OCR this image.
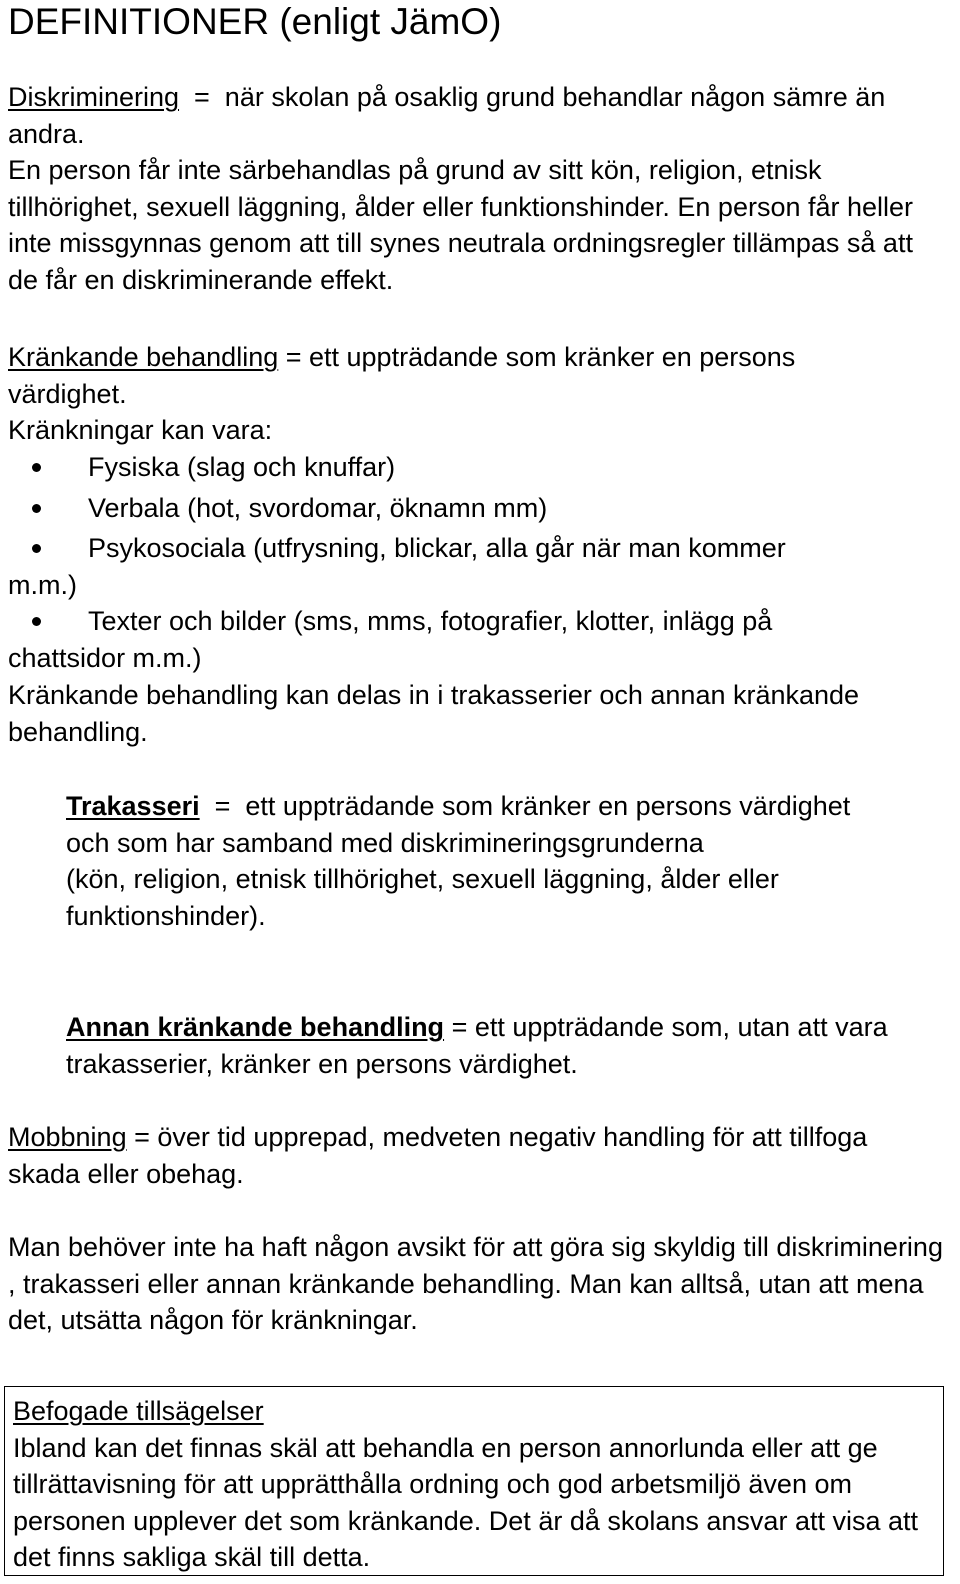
DEFINITIONER (enligt JämO)
Diskriminering  =  när skolan på osaklig grund behandlar någon sämre än andra.
En person får inte särbehandlas på grund av sitt kön, religion, etnisk tillhörighet, sexuell läggning, ålder eller funktionshinder. En person får heller inte missgynnas genom att till synes neutrala ordningsregler tillämpas så att de får en diskriminerande effekt.
Kränkande behandling = ett uppträdande som kränker en persons värdighet.
Kränkningar kan vara:
Fysiska (slag och knuffar)
Verbala (hot, svordomar, öknamn mm)
Psykosociala (utfrysning, blickar, alla går när man kommer
m.m.)
Texter och bilder (sms, mms, fotografier, klotter, inlägg på
chattsidor m.m.)
Kränkande behandling kan delas in i trakasserier och annan kränkande behandling.
Trakasseri  =  ett uppträdande som kränker en persons värdighet och som har samband med diskrimineringsgrunderna
(kön, religion, etnisk tillhörighet, sexuell läggning, ålder eller funktionshinder).
Annan kränkande behandling = ett uppträdande som, utan att vara trakasserier, kränker en persons värdighet.
Mobbning = över tid upprepad, medveten negativ handling för att tillfoga skada eller obehag.
Man behöver inte ha haft någon avsikt för att göra sig skyldig till diskriminering , trakasseri eller annan kränkande behandling. Man kan alltså, utan att mena det, utsätta någon för kränkningar.
Befogade tillsägelser
Ibland kan det finnas skäl att behandla en person annorlunda eller att ge tillrättavisning för att upprätthålla ordning och god arbetsmiljö även om personen upplever det som kränkande. Det är då skolans ansvar att visa att det finns sakliga skäl till detta.
